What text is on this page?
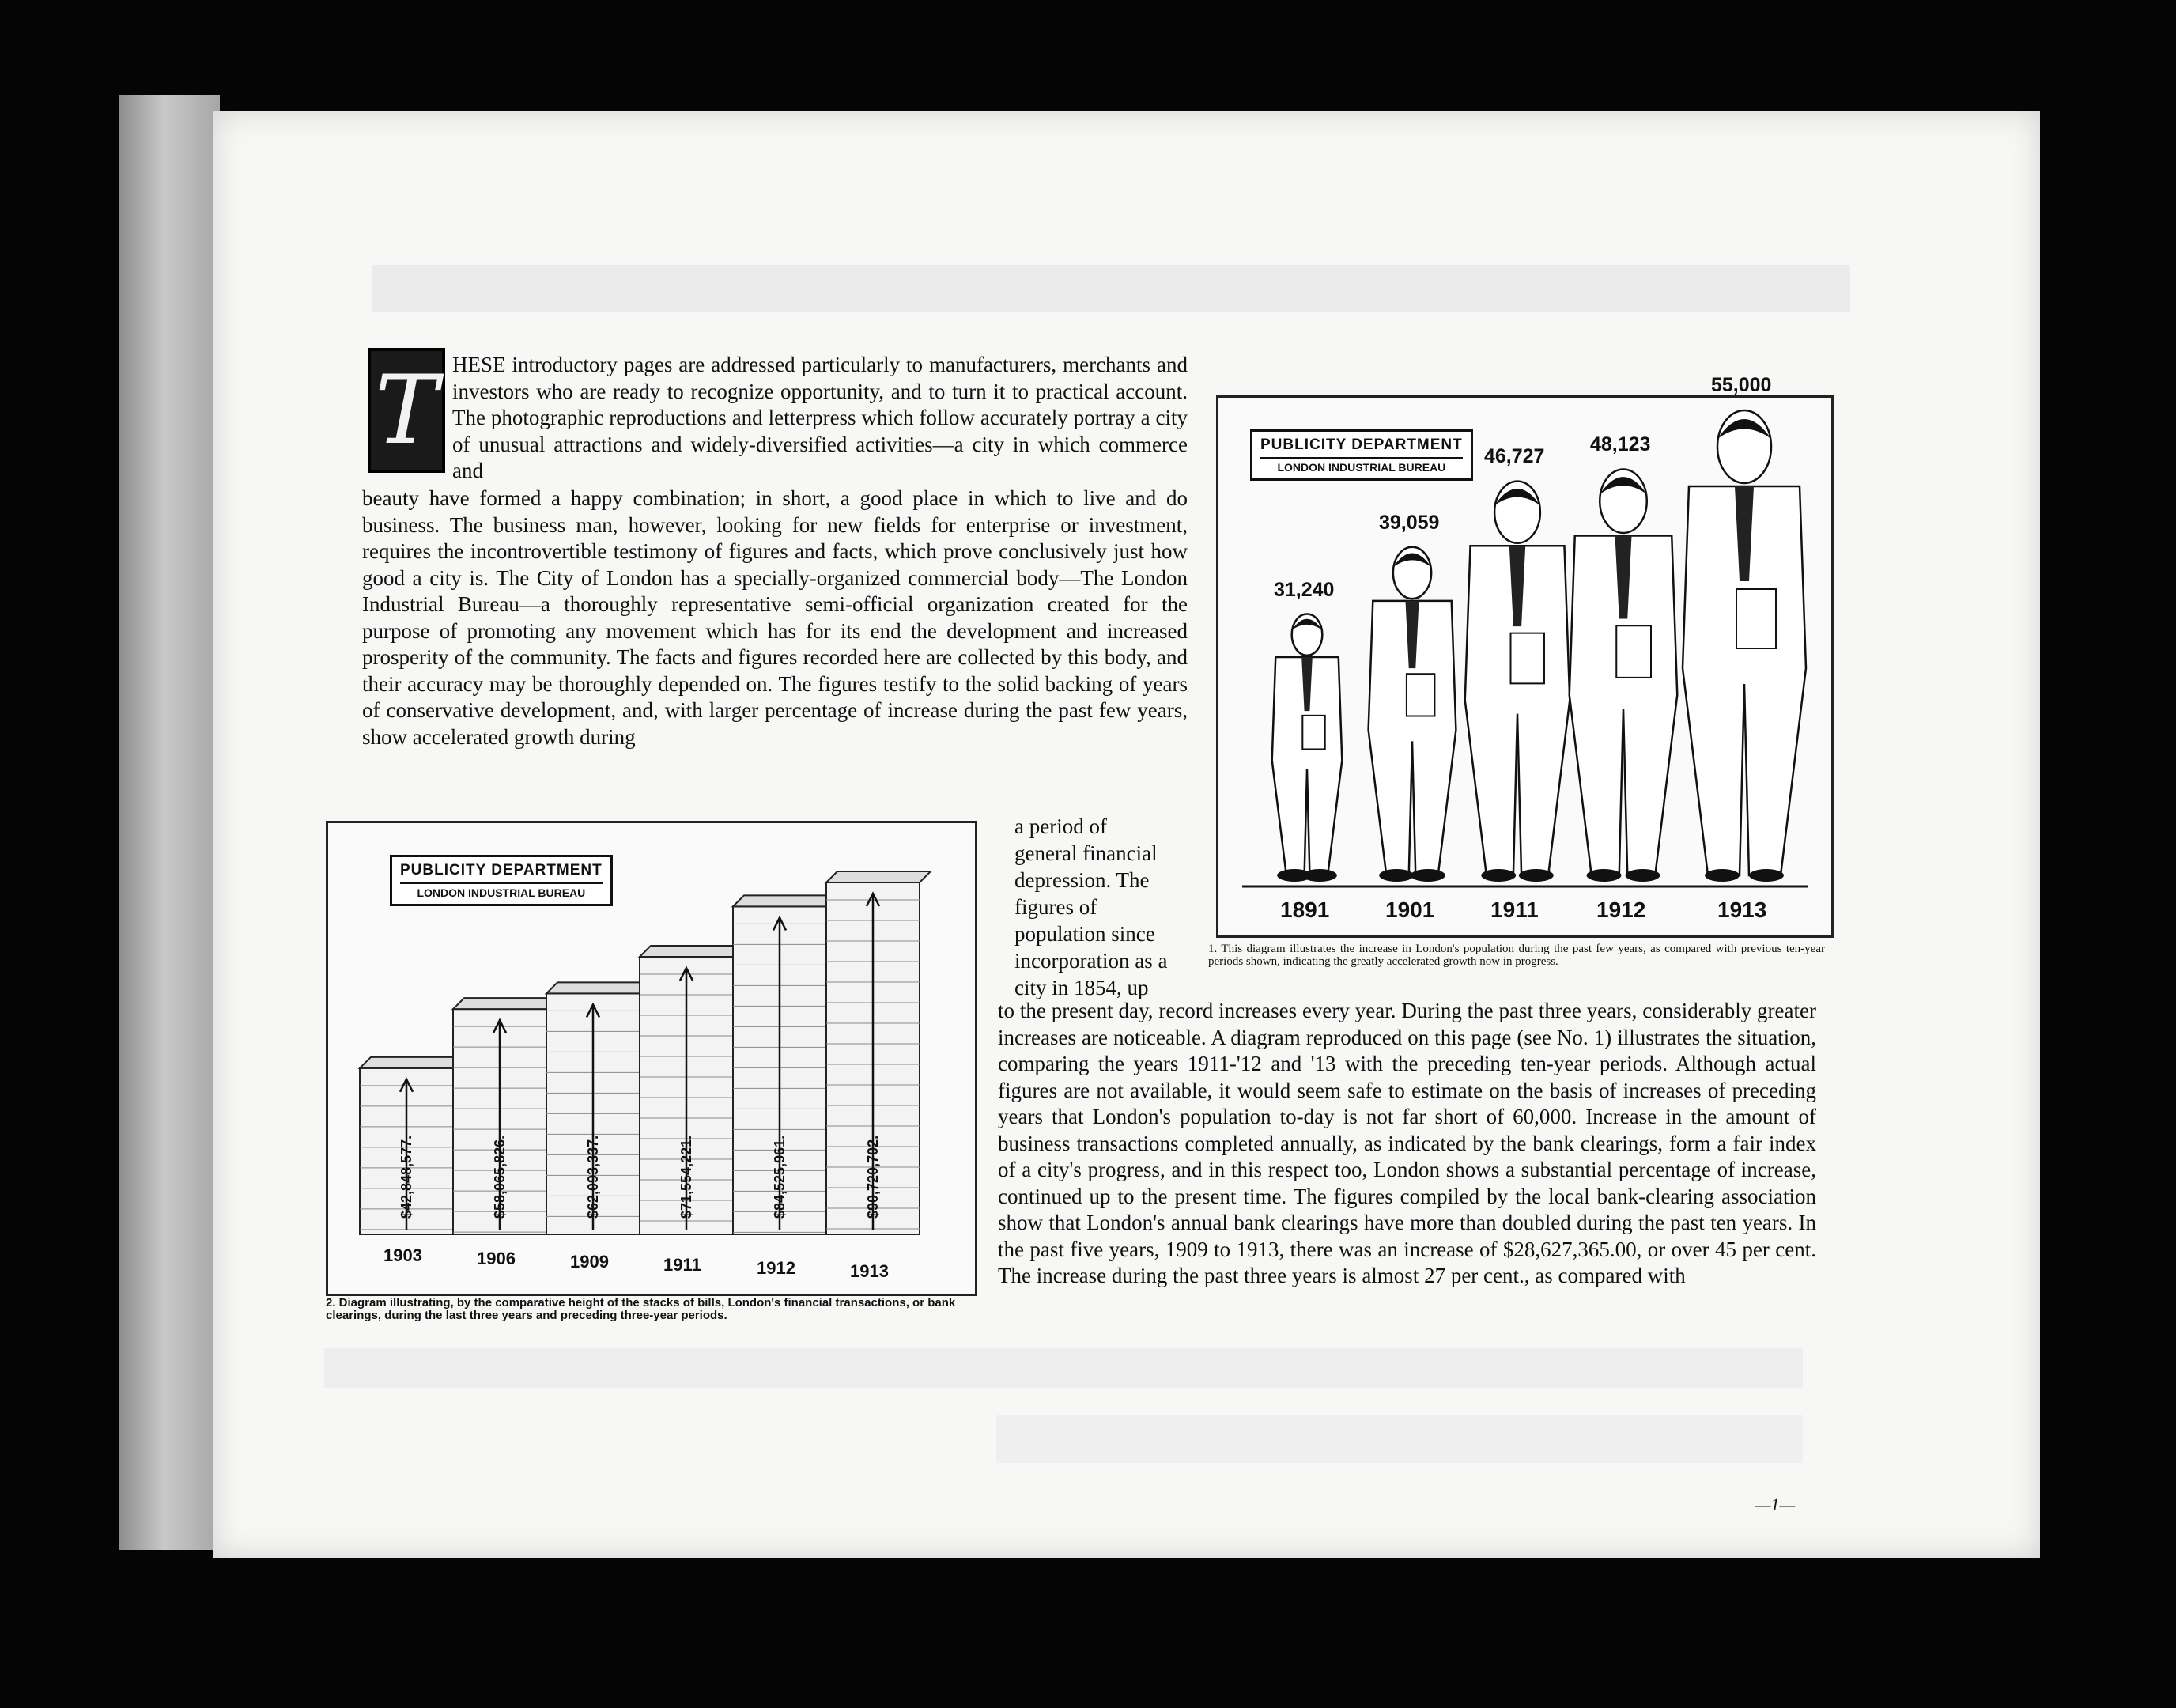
T HESE introductory pages are addressed particularly to manufacturers, merchants and investors who are ready to recognize opportunity, and to turn it to practical account. The photographic reproductions and letterpress which follow accurately portray a city of unusual attractions and widely-diversified activities—a city in which commerce and

beauty have formed a happy combination; in short, a good place in which to live and do business. The business man, however, looking for new fields for enterprise or investment, requires the incontrovertible testimony of figures and facts, which prove conclusively just how good a city is. The City of London has a specially-organized commercial body—The London Industrial Bureau—a thoroughly representative semi-official organization created for the purpose of promoting any movement which has for its end the development and increased prosperity of the community. The facts and figures recorded here are collected by this body, and their accuracy may be thoroughly depended on. The figures testify to the solid backing of years of conservative development, and, with larger percentage of increase during the past few years, show accelerated growth during

a period of general financial depression. The figures of population since incorporation as a city in 1854, up

to the present day, record increases every year. During the past three years, considerably greater increases are noticeable. A diagram reproduced on this page (see No. 1) illustrates the situation, comparing the years 1911-'12 and '13 with the preceding ten-year periods. Although actual figures are not available, it would seem safe to estimate on the basis of increases of preceding years that London's population to-day is not far short of 60,000. Increase in the amount of business transactions completed annually, as indicated by the bank clearings, form a fair index of a city's progress, and in this respect too, London shows a substantial percentage of increase, continued up to the present time. The figures compiled by the local bank-clearing association show that London's annual bank clearings have more than doubled during the past ten years. In the past five years, 1909 to 1913, there was an increase of $28,627,365.00, or over 45 per cent. The increase during the past three years is almost 27 per cent., as compared with

PUBLICITY DEPARTMENT
LONDON INDUSTRIAL BUREAU
31,240
1891
39,059
1901
46,727
1911
48,123
1912
55,000
1913
1. This diagram illustrates the increase in London's population during the past few years, as compared with previous ten-year periods shown, indicating the greatly accelerated growth now in progress.
PUBLICITY DEPARTMENT
LONDON INDUSTRIAL BUREAU
$42,848,577.
1903
$58,065,826.
1906
$62,093,337.
1909
$71,554,221.
1911
$84,525,961.
1912
$90,720,702.
1913
2. Diagram illustrating, by the comparative height of the stacks of bills, London's financial transactions, or bank clearings, during the last three years and preceding three-year periods.
—1—
